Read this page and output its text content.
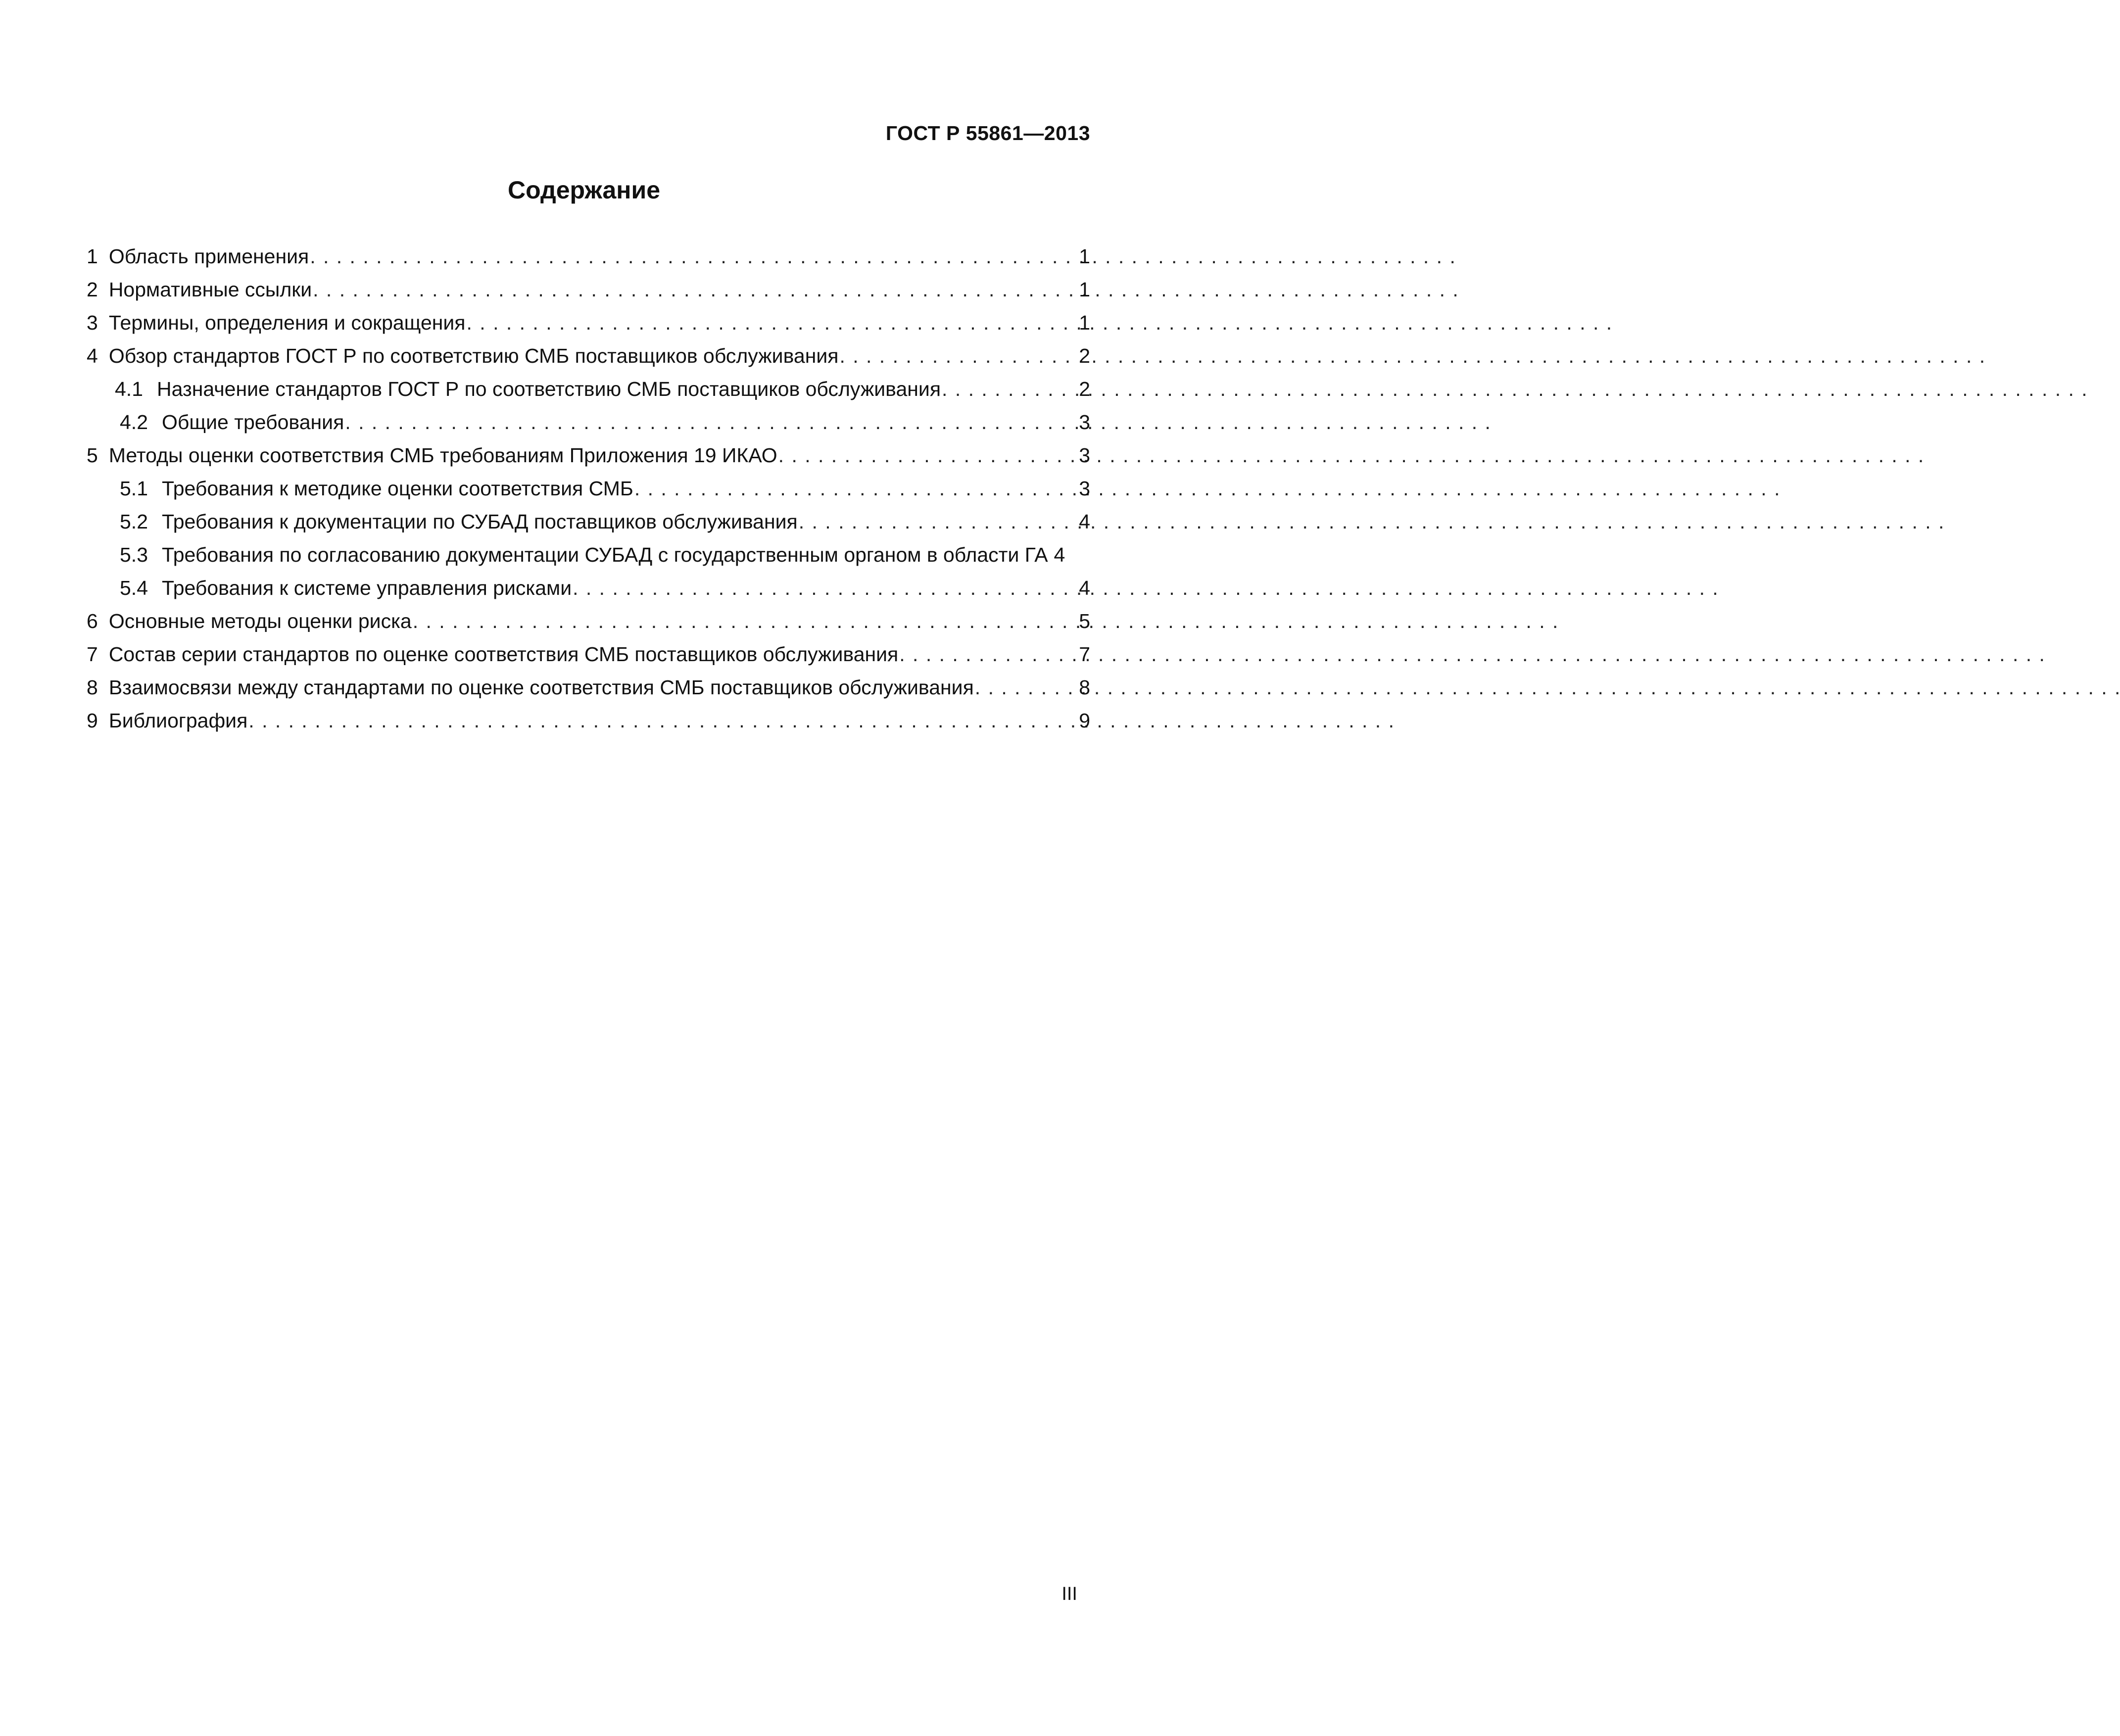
ГОСТ Р 55861—2013
Содержание
1 Область применения . . .	1
2 Нормативные ссылки . . .	1
3 Термины, определения и сокращения . . .	1
4 Обзор стандартов ГОСТ Р по соответствию СМБ поставщиков обслуживания . . .	2
4.1 Назначение стандартов ГОСТ Р по соответствию СМБ поставщиков обслуживания . . .	2
4.2 Общие требования . . .	3
5 Методы оценки соответствия СМБ требованиям Приложения 19 ИКАО . . .	3
5.1 Требования к методике оценки соответствия СМБ . . .	3
5.2 Требования к документации по СУБАД поставщиков обслуживания . . .	4
5.3 Требования по согласованию документации СУБАД с государственным органом в области ГА 4
5.4 Требования к системе управления рисками . . .	4
6 Основные методы оценки риска . . .	5
7 Состав серии стандартов по оценке соответствия СМБ поставщиков обслуживания . . .	7
8 Взаимосвязи между стандартами по оценке соответствия СМБ поставщиков обслуживания . . .	8
9 Библиография . . .	9
III
